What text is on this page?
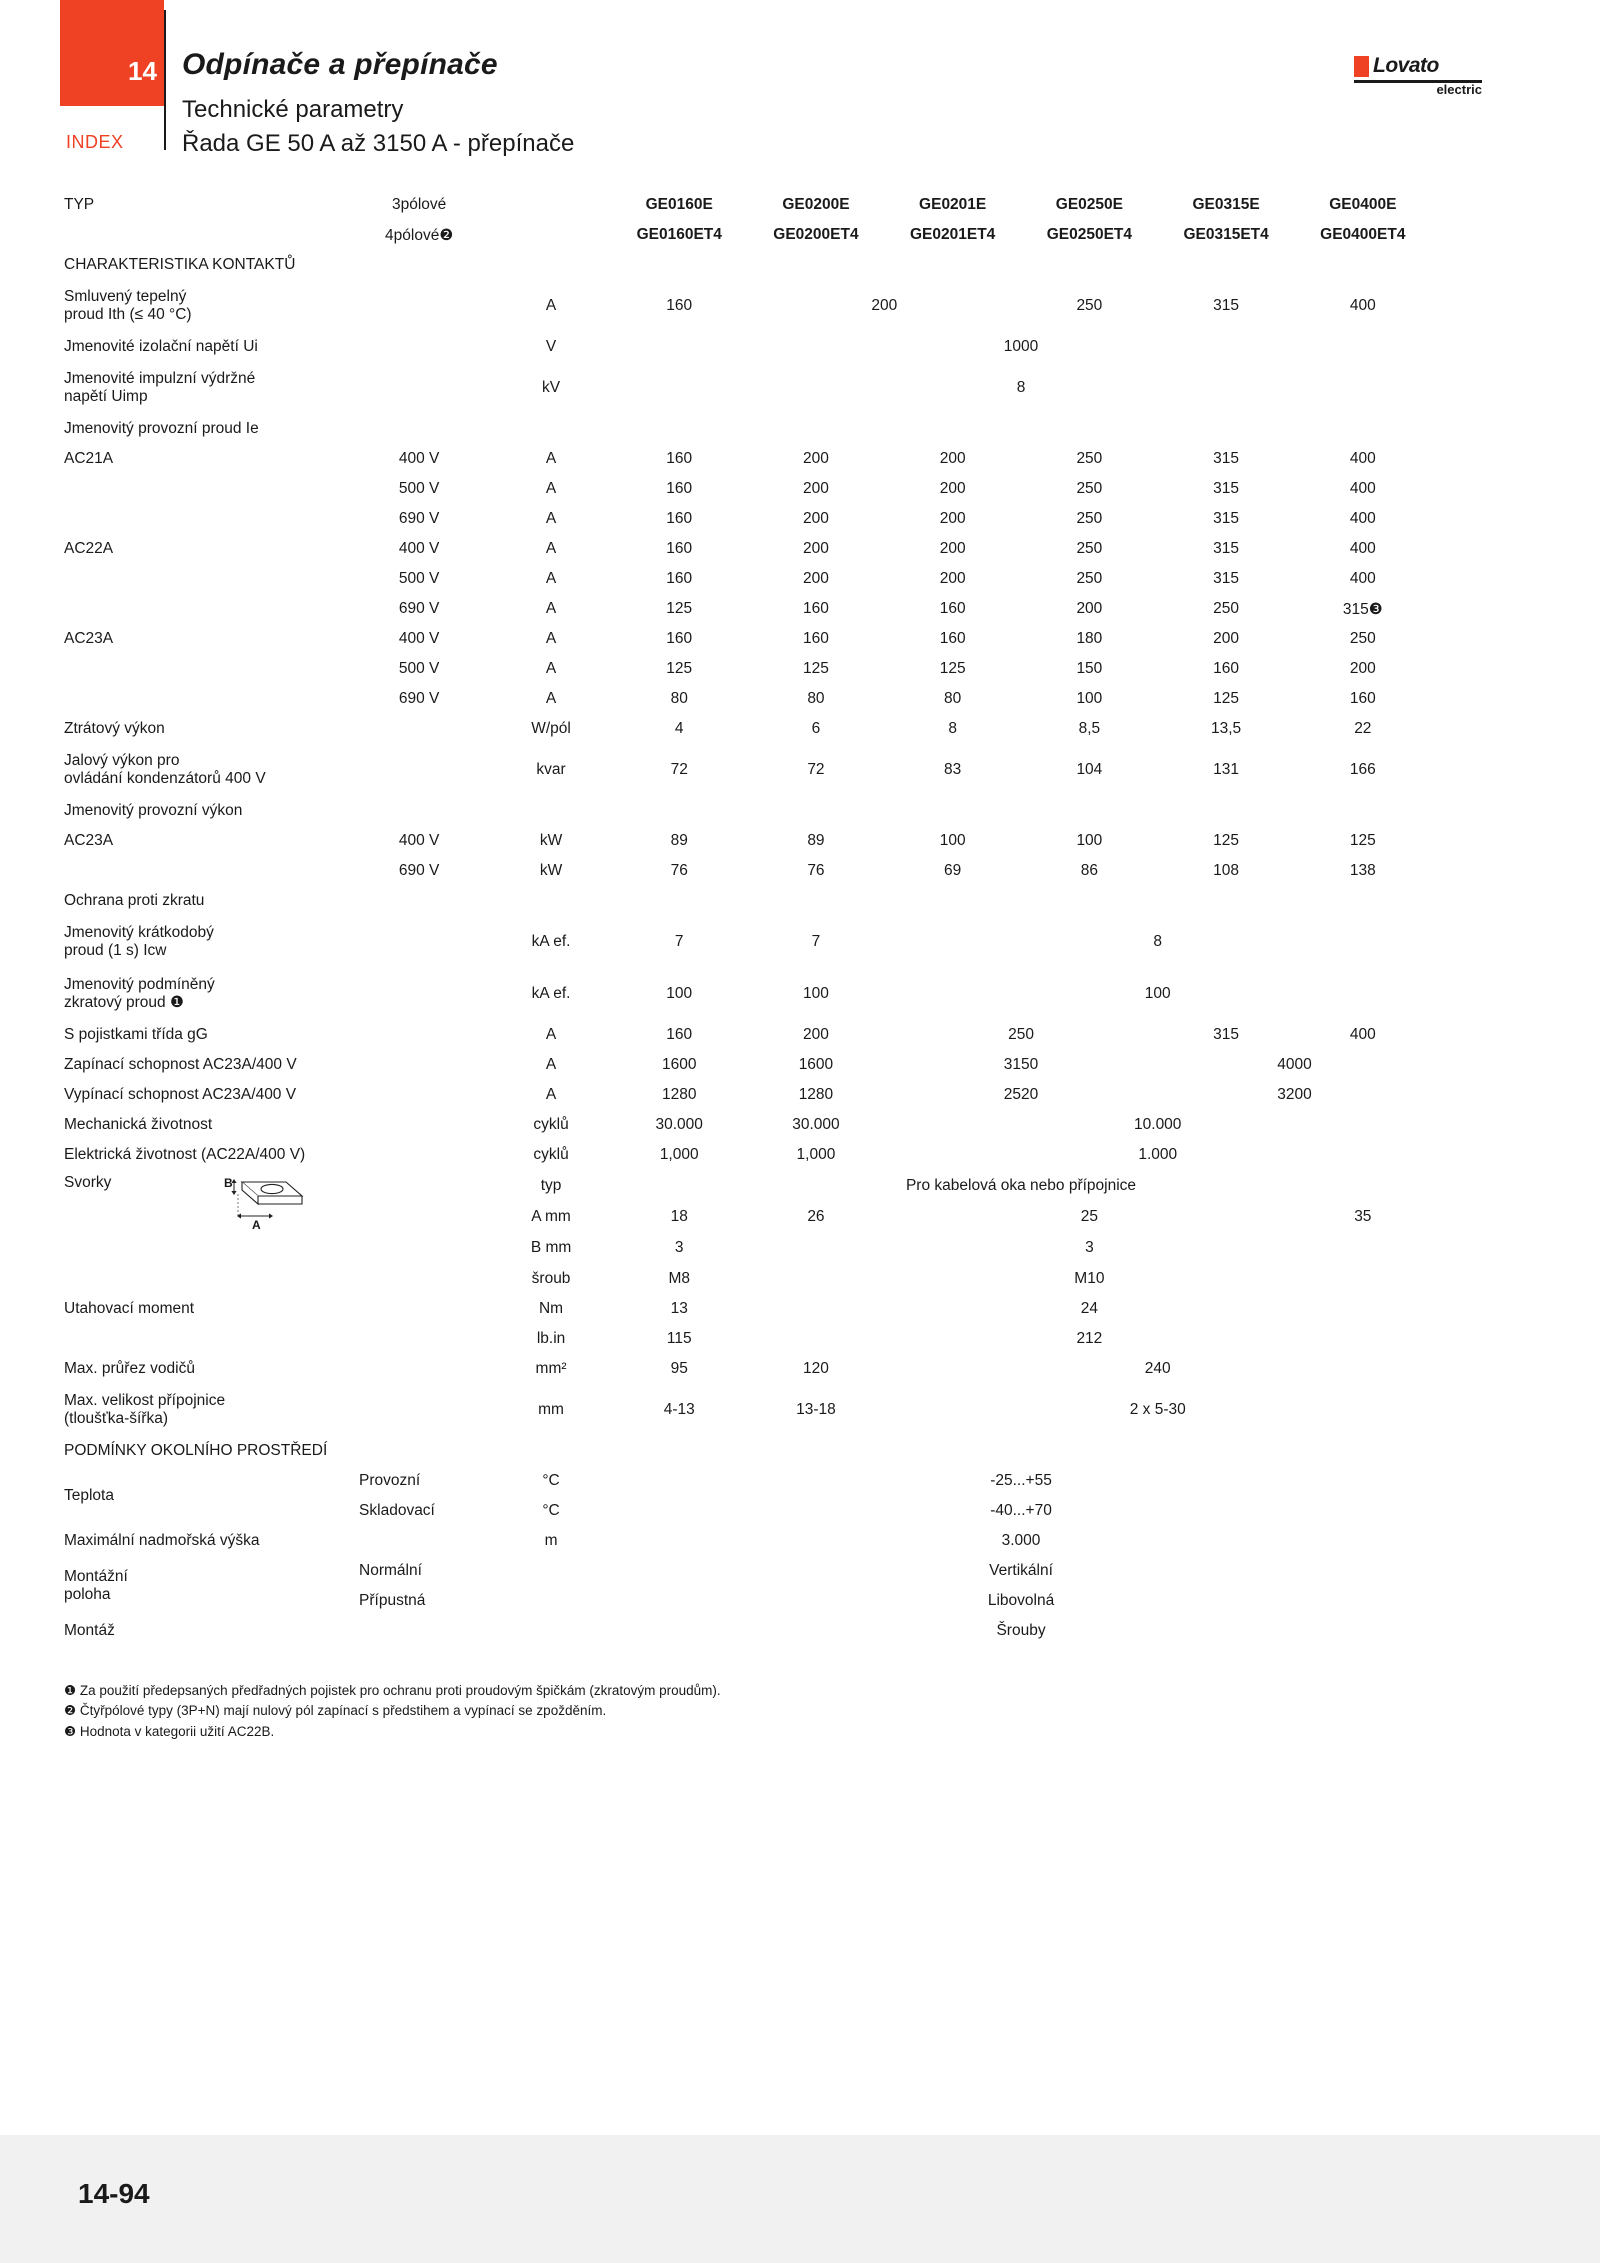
14
INDEX
Odpínače a přepínače
Technické parametry
Řada GE 50 A až 3150 A - přepínače
Lovato
electric
TYP	3pólové		GE0160E	GE0200E	GE0201E	GE0250E	GE0315E	GE0400E	
	4pólové❷		GE0160ET4	GE0200ET4	GE0201ET4	GE0250ET4	GE0315ET4	GE0400ET4	
CHARAKTERISTIKA KONTAKTŮ									
Smluvený tepelný
proud Ith (≤ 40 °C)		A	160	200		250	315	400	
Jmenovité izolační napětí Ui		V	1000						
Jmenovité impulzní výdržné
napětí Uimp		kV	8						
Jmenovitý provozní proud Ie									
AC21A	400 V	A	160	200	200	250	315	400	
	500 V	A	160	200	200	250	315	400	
	690 V	A	160	200	200	250	315	400	
AC22A	400 V	A	160	200	200	250	315	400	
	500 V	A	160	200	200	250	315	400	
	690 V	A	125	160	160	200	250	315❸	
AC23A	400 V	A	160	160	160	180	200	250	
	500 V	A	125	125	125	150	160	200	
	690 V	A	80	80	80	100	125	160	
Ztrátový výkon		W/pól	4	6	8	8,5	13,5	22	
Jalový výkon pro
ovládání kondenzátorů 400 V		kvar	72	72	83	104	131	166	
Jmenovitý provozní výkon									
AC23A	400 V	kW	89	89	100	100	125	125	
	690 V	kW	76	76	69	86	108	138	
Ochrana proti zkratu									
Jmenovitý krátkodobý
proud (1 s) Icw		kA ef.	7	7	8				
Jmenovitý podmíněný
zkratový proud ❶		kA ef.	100	100	100				
S pojistkami třída gG		A	160	200	250		315	400	
Zapínací schopnost AC23A/400 V		A	1600	1600	3150		4000		
Vypínací schopnost AC23A/400 V		A	1280	1280	2520		3200		
Mechanická životnost		cyklů	30.000	30.000	10.000				
Elektrická životnost (AC22A/400 V)		cyklů	1,000	1,000	1.000				

Svorky B
A		typ	Pro kabelová oka nebo přípojnice						
		A mm	18	26	25			35	
		B mm	3	3					
		šroub	M8	M10					
Utahovací moment		Nm	13	24					
		lb.in	115	212					
Max. průřez vodičů		mm²	95	120	240				
Max. velikost přípojnice
(tloušťka-šířka)		mm	4-13	13-18	2 x 5-30				
PODMÍNKY OKOLNÍHO PROSTŘEDÍ									
Teplota	Provozní	°C	-25...+55						
	Skladovací	°C	-40...+70						
Maximální nadmořská výška		m	3.000						
Montážní
poloha	Normální		Vertikální						
	Přípustná		Libovolná						
Montáž			Šrouby						
❶ Za použití předepsaných předřadných pojistek pro ochranu proti proudovým špičkám (zkratovým proudům).
❷ Čtyřpólové typy (3P+N) mají nulový pól zapínací s předstihem a vypínací se zpožděním.
❸ Hodnota v kategorii užití AC22B.
14-94
